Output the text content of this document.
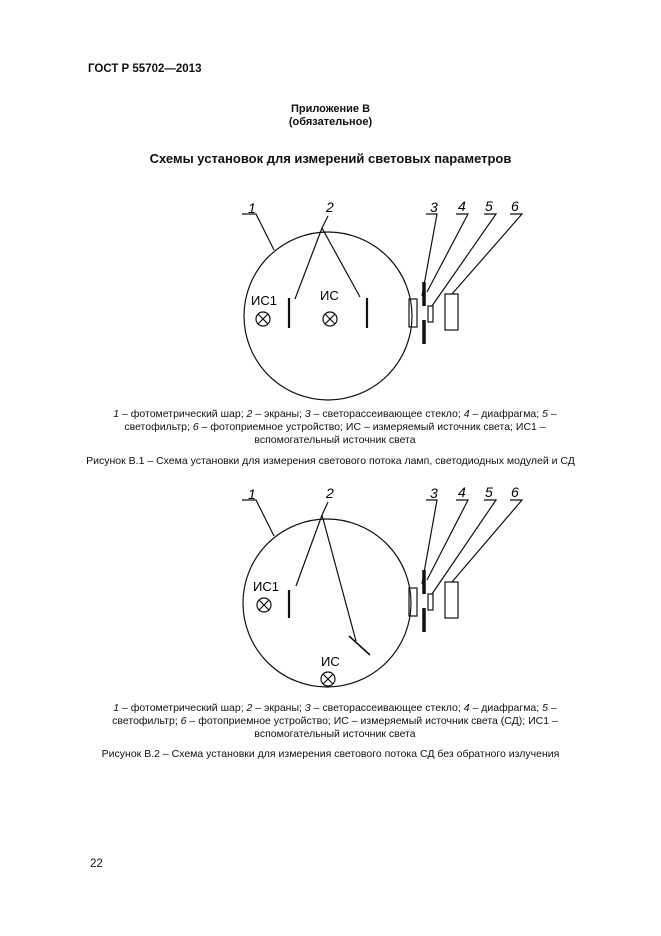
ГОСТ Р 55702—2013
Приложение В
(обязательное)
Схемы установок для измерений световых параметров
1	2	3 4 5 6
ИС1	ИС
1 – фотометрический шар; 2 – экраны; 3 – светорассеивающее стекло; 4 – диафрагма; 5 –
светофильтр; 6 – фотоприемное устройство; ИС – измеряемый источник света; ИС1 –
вспомогательный источник света
Рисунок В.1 – Схема установки для измерения светового потока ламп, светодиодных модулей и СД
1	2	3 4 5 6
ИС1
ИС
1 – фотометрический шар; 2 – экраны; 3 – светорассеивающее стекло; 4 – диафрагма; 5 –
светофильтр; 6 – фотоприемное устройство; ИС – измеряемый источник света (СД); ИС1 –
вспомогательный источник света
Рисунок В.2 – Схема установки для измерения светового потока СД без обратного излучения
22
